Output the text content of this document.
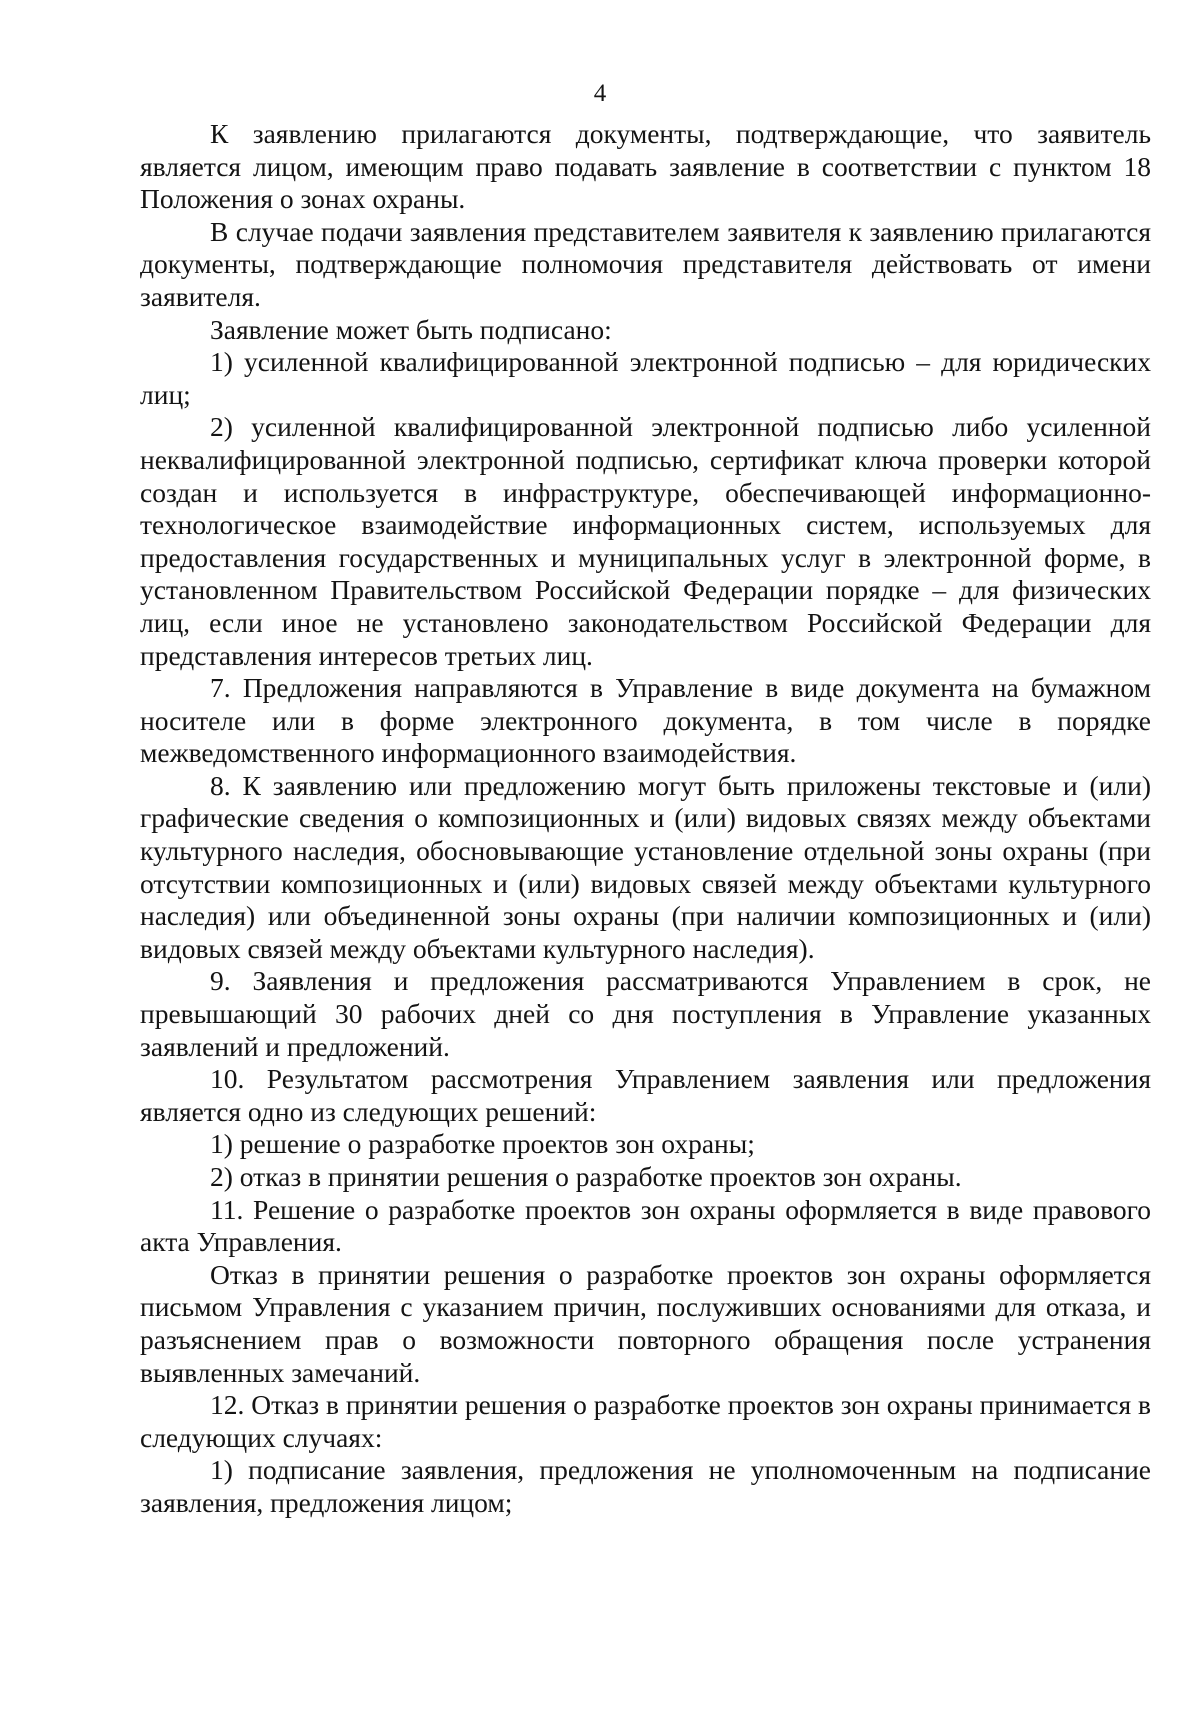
4

К заявлению прилагаются документы, подтверждающие, что заявитель является лицом, имеющим право подавать заявление в соответствии с пунктом 18 Положения о зонах охраны.

В случае подачи заявления представителем заявителя к заявлению прилагаются документы, подтверждающие полномочия представителя действовать от имени заявителя.

Заявление может быть подписано:

1) усиленной квалифицированной электронной подписью – для юридических лиц;

2) усиленной квалифицированной электронной подписью либо усиленной неквалифицированной электронной подписью, сертификат ключа проверки которой создан и используется в инфраструктуре, обеспечивающей информационно-технологическое взаимодействие информационных систем, используемых для предоставления государственных и муниципальных услуг в электронной форме, в установленном Правительством Российской Федерации порядке – для физических лиц, если иное не установлено законодательством Российской Федерации для представления интересов третьих лиц.

7. Предложения направляются в Управление в виде документа на бумажном носителе или в форме электронного документа, в том числе в порядке межведомственного информационного взаимодействия.

8. К заявлению или предложению могут быть приложены текстовые и (или) графические сведения о композиционных и (или) видовых связях между объектами культурного наследия, обосновывающие установление отдельной зоны охраны (при отсутствии композиционных и (или) видовых связей между объектами культурного наследия) или объединенной зоны охраны (при наличии композиционных и (или) видовых связей между объектами культурного наследия).

9. Заявления и предложения рассматриваются Управлением в срок, не превышающий 30 рабочих дней со дня поступления в Управление указанных заявлений и предложений.

10. Результатом рассмотрения Управлением заявления или предложения является одно из следующих решений:

1) решение о разработке проектов зон охраны;

2) отказ в принятии решения о разработке проектов зон охраны.

11. Решение о разработке проектов зон охраны оформляется в виде правового акта Управления.

Отказ в принятии решения о разработке проектов зон охраны оформляется письмом Управления с указанием причин, послуживших основаниями для отказа, и разъяснением прав о возможности повторного обращения после устранения выявленных замечаний.

12. Отказ в принятии решения о разработке проектов зон охраны принимается в следующих случаях:

1) подписание заявления, предложения не уполномоченным на подписание заявления, предложения лицом;
